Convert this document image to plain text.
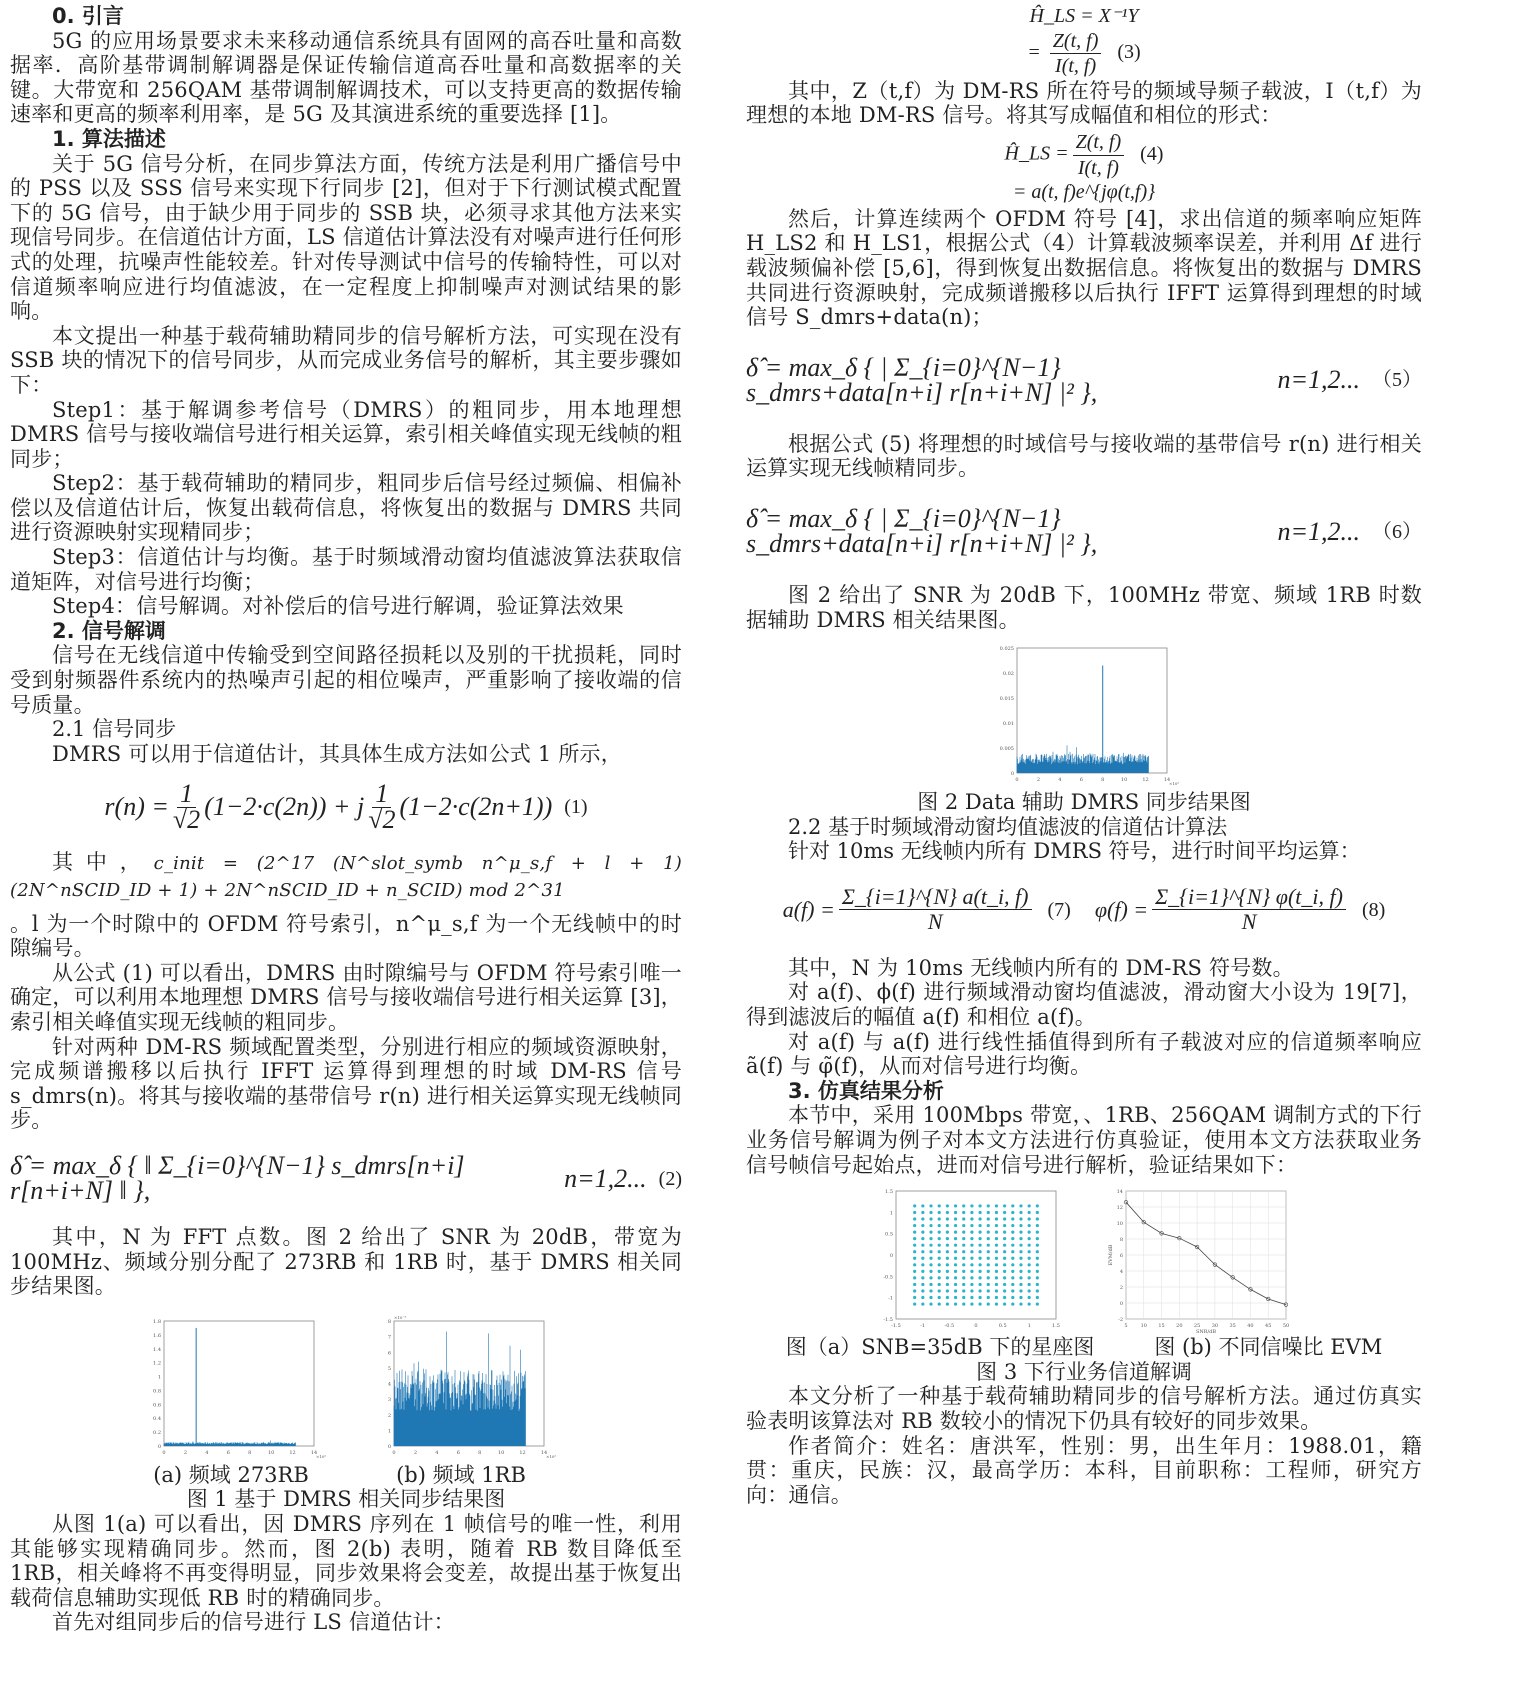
0. 引言

5G 的应用场景要求未来移动通信系统具有固网的高吞吐量和高数据率．高阶基带调制解调器是保证传输信道高吞吐量和高数据率的关键。大带宽和 256QAM 基带调制解调技术，可以支持更高的数据传输速率和更高的频率利用率，是 5G 及其演进系统的重要选择 [1]。

1. 算法描述

关于 5G 信号分析，在同步算法方面，传统方法是利用广播信号中的 PSS 以及 SSS 信号来实现下行同步 [2]，但对于下行测试模式配置下的 5G 信号，由于缺少用于同步的 SSB 块，必须寻求其他方法来实现信号同步。在信道估计方面，LS 信道估计算法没有对噪声进行任何形式的处理，抗噪声性能较差。针对传导测试中信号的传输特性，可以对信道频率响应进行均值滤波，在一定程度上抑制噪声对测试结果的影响。

本文提出一种基于载荷辅助精同步的信号解析方法，可实现在没有 SSB 块的情况下的信号同步，从而完成业务信号的解析，其主要步骤如下：

Step1：基于解调参考信号（DMRS）的粗同步，用本地理想 DMRS 信号与接收端信号进行相关运算，索引相关峰值实现无线帧的粗同步；

Step2：基于载荷辅助的精同步，粗同步后信号经过频偏、相偏补偿以及信道估计后，恢复出载荷信息，将恢复出的数据与 DMRS 共同进行资源映射实现精同步；

Step3：信道估计与均衡。基于时频域滑动窗均值滤波算法获取信道矩阵，对信号进行均衡；

Step4：信号解调。对补偿后的信号进行解调，验证算法效果

2. 信号解调

信号在无线信道中传输受到空间路径损耗以及别的干扰损耗，同时受到射频器件系统内的热噪声引起的相位噪声，严重影响了接收端的信号质量。

2.1 信号同步

DMRS 可以用于信道估计，其具体生成方法如公式 1 所示，

$r(n) = \frac{1}{√2} (1-2\cdot c(2n)) + j \frac{1}{√2} (1-2\cdot c(2n+1))$ (1)

其中，c_init = (2^17 (N^slot_symb n^μ_s,f + l + 1)(2N^nSCID_ID + 1) + 2N^nSCID_ID + n_SCID) mod 2^31

。l 为一个时隙中的 OFDM 符号索引，n^μ_s,f 为一个无线帧中的时隙编号。

从公式 (1) 可以看出，DMRS 由时隙编号与 OFDM 符号索引唯一确定，可以利用本地理想 DMRS 信号与接收端信号进行相关运算 [3]，索引相关峰值实现无线帧的粗同步。

针对两种 DM-RS 频域配置类型，分别进行相应的频域资源映射，完成频谱搬移以后执行 IFFT 运算得到理想的时域 DM-RS 信号 s_dmrs(n)。将其与接收端的基带信号 r(n) 进行相关运算实现无线帧同步。

δ̂ = max_δ { ‖ Σ_{i=0}^{N−1} s_dmrs[n+i] r[n+i+N] ‖ },	n=1,2... (2)

其中，N 为 FFT 点数。图 2 给出了 SNR 为 20dB，带宽为 100MHz、频域分别分配了 273RB 和 1RB 时，基于 DMRS 相关同步结果图。

0
0.2
0.4
0.6
0.8
1
1.2
1.4
1.6
1.8
0	2	4	6	8	10	12	14
×10⁵
(a) 频域 273RB
0
1
2
3
4
5
6
7
8
0	2	4	6	8	10	12	14
×10⁵
×10⁻³
(b) 频域 1RB
图 1 基于 DMRS 相关同步结果图

从图 1(a) 可以看出，因 DMRS 序列在 1 帧信号的唯一性，利用其能够实现精确同步。然而，图 2(b) 表明，随着 RB 数目降低至 1RB，相关峰将不再变得明显，同步效果将会变差，故提出基于恢复出载荷信息辅助实现低 RB 时的精确同步。

首先对组同步后的信号进行 LS 信道估计：

Ĥ_LS = X⁻¹Y
= $\frac{Z(t, f)}{I(t, f)} (3)$

其中，Z（t,f）为 DM-RS 所在符号的频域导频子载波，I（t,f）为理想的本地 DM-RS 信号。将其写成幅值和相位的形式：

Ĥ_LS = $\frac{Z(t, f)}{I(t, f)} (4)$
= a(t, f)e^{jφ(t,f)}

然后，计算连续两个 OFDM 符号 [4]，求出信道的频率响应矩阵 H_LS2 和 H_LS1，根据公式（4）计算载波频率误差，并利用 Δf 进行载波频偏补偿 [5,6]，得到恢复出数据信息。将恢复出的数据与 DMRS 共同进行资源映射，完成频谱搬移以后执行 IFFT 运算得到理想的时域信号 S_dmrs+data(n)；

δ̂ = max_δ { | Σ_{i=0}^{N−1} s_dmrs+data[n+i] r[n+i+N] |² },	n=1,2... （5）

根据公式 (5) 将理想的时域信号与接收端的基带信号 r(n) 进行相关运算实现无线帧精同步。

δ̂ = max_δ { | Σ_{i=0}^{N−1} s_dmrs+data[n+i] r[n+i+N] |² },	n=1,2... （6）

图 2 给出了 SNR 为 20dB 下，100MHz 带宽、频域 1RB 时数据辅助 DMRS 相关结果图。

0
0.005
0.01
0.015
0.02
0.025
0	2	4	6	8	10	12	14
×10⁵
图 2 Data 辅助 DMRS 同步结果图
2.2 基于时频域滑动窗均值滤波的信道估计算法
针对 10ms 无线帧内所有 DMRS 符号，进行时间平均运算：
$a(f) = \frac{\Sigma\_\{i=1\}\^{}\{N\} a(t\_i, f)}{N} (7) \varphi(f) = \frac{\Sigma\_\{i=1\}\^{}\{N\} \varphi(t\_i, f)}{N} (8)$

其中，N 为 10ms 无线帧内所有的 DM-RS 符号数。

对 a(f)、ϕ(f) 进行频域滑动窗均值滤波，滑动窗大小设为 19[7]，得到滤波后的幅值 a(f) 和相位 a(f)。

对 a(f) 与 a(f) 进行线性插值得到所有子载波对应的信道频率响应 ã(f) 与 φ̃(f)，从而对信号进行均衡。

3. 仿真结果分析

本节中，采用 100Mbps 带宽，、1RB、256QAM 调制方式的下行业务信号解调为例子对本文方法进行仿真验证，使用本文方法获取业务信号帧信号起始点，进而对信号进行解析，验证结果如下：

-1.5
-1
-0.5
0
0.5
1
1.5
-1.5	-1	-0.5	0	0.5	1	1.5
-2
0
2
4
6
8
10
12
14
5	10 15 20 25 30 35 40 45 50
SNR/dB
EVM/dB
图（a）SNB=35dB 下的星座图	图 (b) 不同信噪比 EVM
图 3 下行业务信道解调

本文分析了一种基于载荷辅助精同步的信号解析方法。通过仿真实验表明该算法对 RB 数较小的情况下仍具有较好的同步效果。

作者简介：姓名：唐洪军，性别：男，出生年月：1988.01，籍贯：重庆，民族：汉，最高学历：本科，目前职称：工程师，研究方向：通信。
